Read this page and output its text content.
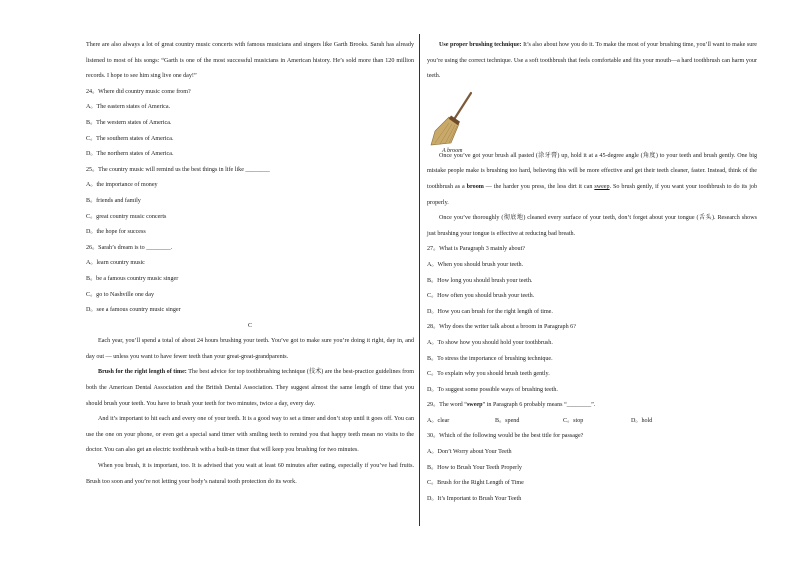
There are also always a lot of great country music concerts with famous musicians and singers like Garth Brooks. Sarah has already listened to most of his songs: “Garth is one of the most successful musicians in American history. He’s sold more than 120 million records. I hope to see him sing live one day!”

24。Where did country music come from?

A。The eastern states of America.

B。The western states of America.

C。The southern states of America.

D。The northern states of America.

25。The country music will remind us the best things in life like ________

A。the importance of money

B。friends and family

C。great country music concerts

D。the hope for success

26。Sarah’s dream is to ________.

A。learn country music

B。be a famous country music singer

C。go to Nashville one day

D。see a famous country music singer

C

Each year, you’ll spend a total of about 24 hours brushing your teeth. You’ve got to make sure you’re doing it right, day in, and day out — unless you want to have fewer teeth than your great-great-grandparents.

Brush for the right length of time: The best advice for top toothbrushing technique (技术) are the best-practice guidelines from both the American Dental Association and the British Dental Association. They suggest almost the same length of time that you should brush your teeth. You have to brush your teeth for two minutes, twice a day, every day.

And it’s important to hit each and every one of your teeth. It is a good way to set a timer and don’t stop until it goes off. You can use the one on your phone, or even get a special sand timer with smiling teeth to remind you that happy teeth mean no visits to the doctor. You can also get an electric toothbrush with a built-in timer that will keep you brushing for two minutes.

When you brush, it is important, too. It is advised that you wait at least 60 minutes after eating, especially if you’ve had fruits. Brush too soon and you’re not letting your body’s natural tooth protection do its work.

Use proper brushing technique: It’s also about how you do it. To make the most of your brushing time, you’ll want to make sure you’re using the correct technique. Use a soft toothbrush that feels comfortable and fits your mouth—a hard toothbrush can harm your teeth.

A broom

Once you’ve got your brush all pasted (涂牙膏) up, hold it at a 45-degree angle (角度) to your teeth and brush gently. One big mistake people make is brushing too hard, believing this will be more effective and get their teeth cleaner, faster. Instead, think of the toothbrush as a broom — the harder you press, the less dirt it can sweep. So brush gently, if you want your toothbrush to do its job properly.

Once you’ve thoroughly (彻底地) cleaned every surface of your teeth, don’t forget about your tongue (舌头). Research shows just brushing your tongue is effective at reducing bad breath.

27。What is Paragraph 3 mainly about?

A。When you should brush your teeth.

B。How long you should brush your teeth.

C。How often you should brush your teeth.

D。How you can brush for the right length of time.

28。Why does the writer talk about a broom in Paragraph 6?

A。To show how you should hold your toothbrush.

B。To stress the importance of brushing technique.

C。To explain why you should brush teeth gently.

D。To suggest some possible ways of brushing teeth.

29。The word “sweep” in Paragraph 6 probably means “________”.

A。clear	B。spend	C。stop	D。hold

30。Which of the following would be the best title for passage?

A。Don’t Worry about Your Teeth

B。How to Brush Your Teeth Properly

C。Brush for the Right Length of Time

D。It’s Important to Brush Your Teeth
